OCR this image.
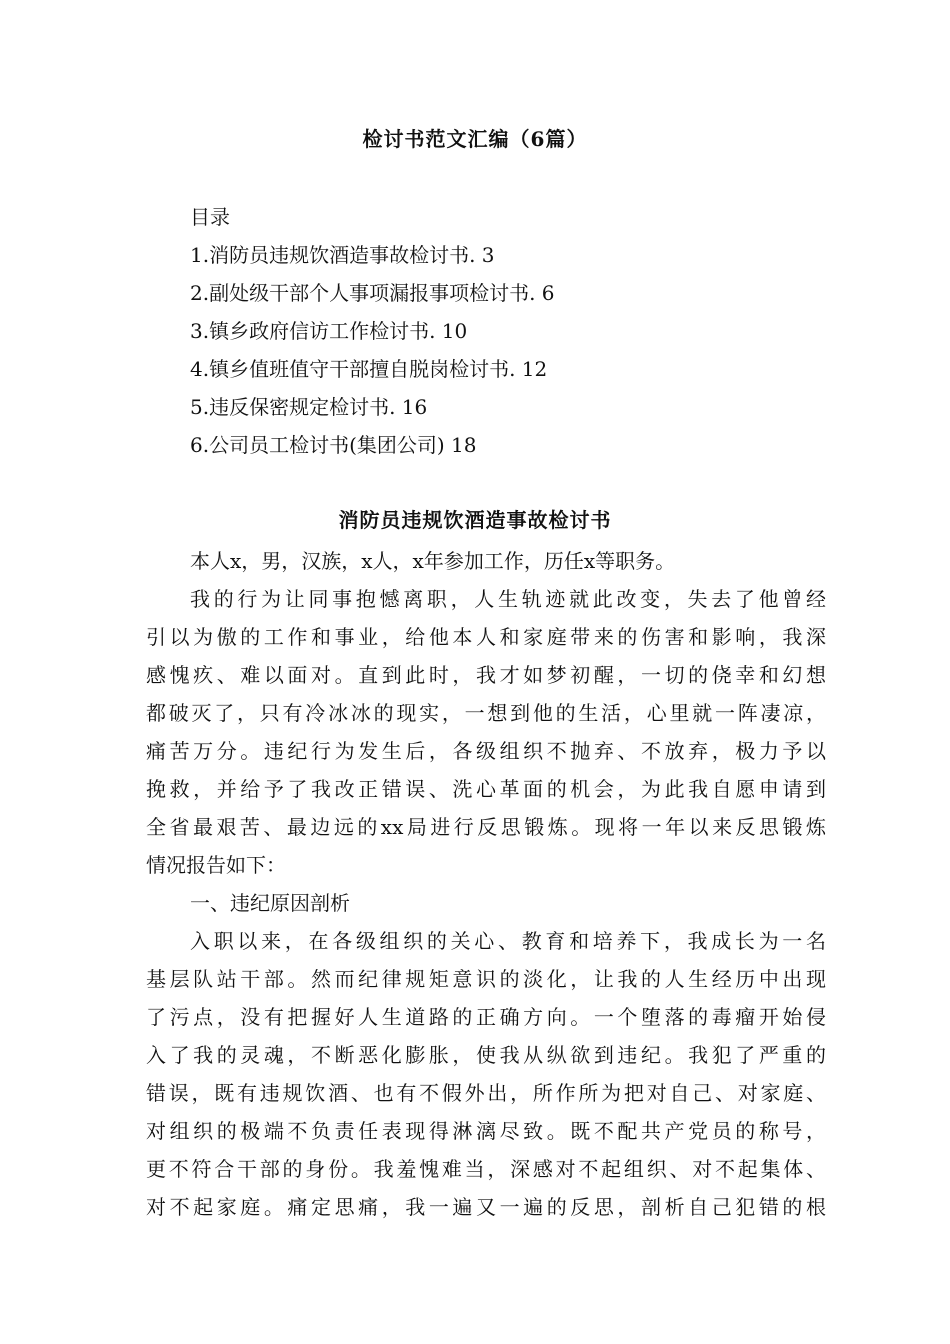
检讨书范文汇编（6篇）
目录
1.消防员违规饮酒造事故检讨书. 3
2.副处级干部个人事项漏报事项检讨书. 6
3.镇乡政府信访工作检讨书. 10
4.镇乡值班值守干部擅自脱岗检讨书. 12
5.违反保密规定检讨书. 16
6.公司员工检讨书(集团公司) 18
消防员违规饮酒造事故检讨书
本人x，男，汉族，x人，x年参加工作，历任x等职务。
我的行为让同事抱憾离职，人生轨迹就此改变，失去了他曾经
引以为傲的工作和事业，给他本人和家庭带来的伤害和影响，我深
感愧疚、难以面对。直到此时，我才如梦初醒，一切的侥幸和幻想
都破灭了，只有冷冰冰的现实，一想到他的生活，心里就一阵凄凉，
痛苦万分。违纪行为发生后，各级组织不抛弃、不放弃，极力予以
挽救，并给予了我改正错误、洗心革面的机会，为此我自愿申请到
全省最艰苦、最边远的xx局进行反思锻炼。现将一年以来反思锻炼
情况报告如下：
一、违纪原因剖析
入职以来，在各级组织的关心、教育和培养下，我成长为一名
基层队站干部。然而纪律规矩意识的淡化，让我的人生经历中出现
了污点，没有把握好人生道路的正确方向。一个堕落的毒瘤开始侵
入了我的灵魂，不断恶化膨胀，使我从纵欲到违纪。我犯了严重的
错误，既有违规饮酒、也有不假外出，所作所为把对自己、对家庭、
对组织的极端不负责任表现得淋漓尽致。既不配共产党员的称号，
更不符合干部的身份。我羞愧难当，深感对不起组织、对不起集体、
对不起家庭。痛定思痛，我一遍又一遍的反思，剖析自己犯错的根
